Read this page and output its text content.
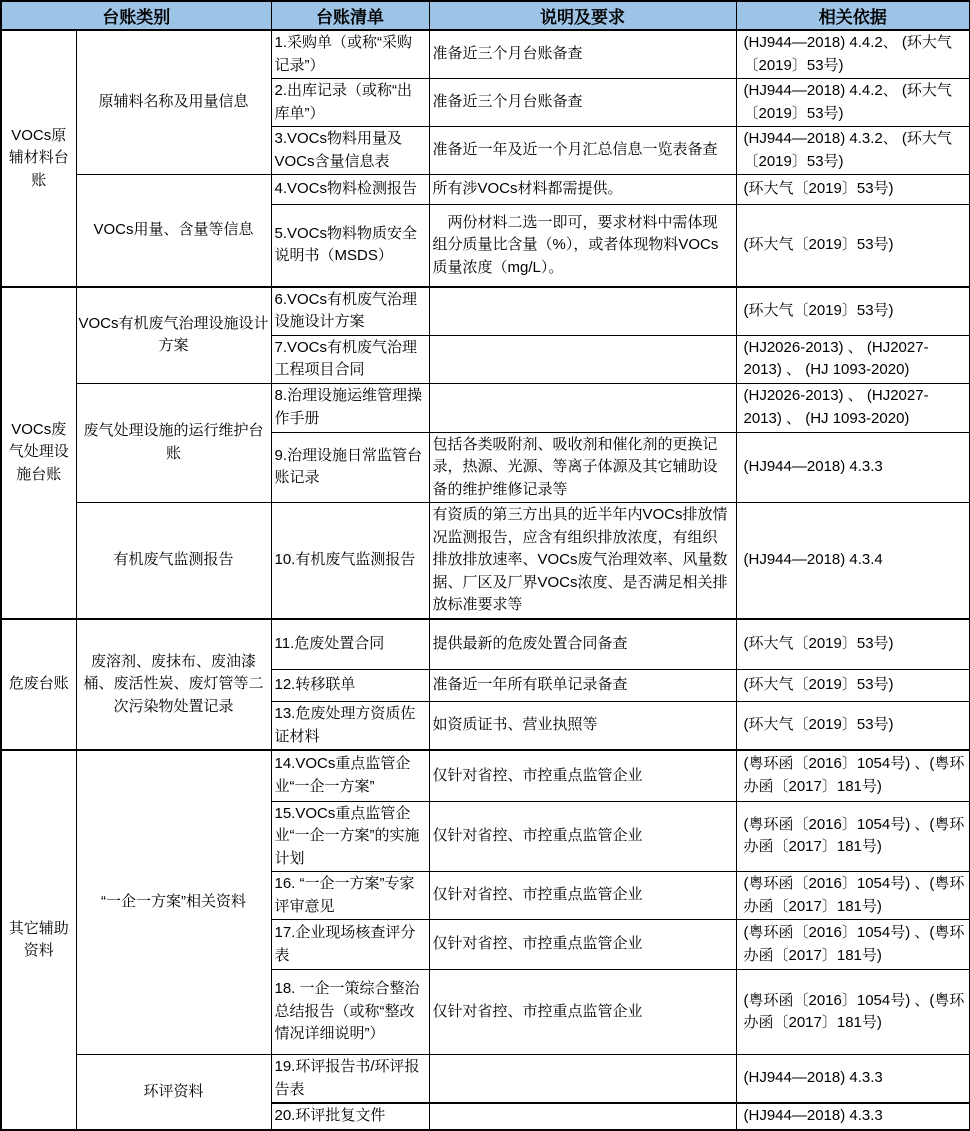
台账类别		台账清单	说明及要求	相关依据
VOCs原辅材料台账	原辅料名称及用量信息	1.采购单（或称“采购记录”）	准备近三个月台账备查	(HJ944—2018) 4.4.2、 (环大气〔2019〕53号)
		2.出库记录（或称“出库单”）	准备近三个月台账备查	(HJ944—2018) 4.4.2、 (环大气〔2019〕53号)
		3.VOCs物料用量及VOCs含量信息表	准备近一年及近一个月汇总信息一览表备查	(HJ944—2018) 4.3.2、 (环大气〔2019〕53号)
	VOCs用量、含量等信息	4.VOCs物料检测报告	所有涉VOCs材料都需提供。	(环大气〔2019〕53号)
		5.VOCs物料物质安全说明书（MSDS）	　两份材料二选一即可，要求材料中需体现组分质量比含量（%），或者体现物料VOCs质量浓度（mg/L）。	(环大气〔2019〕53号)
VOCs废气处理设施台账	VOCs有机废气治理设施设计方案	6.VOCs有机废气治理设施设计方案		(环大气〔2019〕53号)
		7.VOCs有机废气治理工程项目合同		(HJ2026-2013) 、 (HJ2027-2013) 、 (HJ 1093-2020)
	废气处理设施的运行维护台账	8.治理设施运维管理操作手册		(HJ2026-2013) 、 (HJ2027-2013) 、 (HJ 1093-2020)
		9.治理设施日常监管台账记录	包括各类吸附剂、吸收剂和催化剂的更换记录，热源、光源、等离子体源及其它辅助设备的维护维修记录等	(HJ944—2018) 4.3.3
	有机废气监测报告	10.有机废气监测报告	有资质的第三方出具的近半年内VOCs排放情况监测报告，应含有组织排放浓度，有组织排放排放速率、VOCs废气治理效率、风量数据、厂区及厂界VOCs浓度、是否满足相关排放标准要求等	(HJ944—2018) 4.3.4
危废台账	废溶剂、废抹布、废油漆桶、废活性炭、废灯管等二次污染物处置记录	11.危废处置合同	提供最新的危废处置合同备查	(环大气〔2019〕53号)
		12.转移联单	准备近一年所有联单记录备查	(环大气〔2019〕53号)
		13.危废处理方资质佐证材料	如资质证书、营业执照等	(环大气〔2019〕53号)
其它辅助资料	“一企一方案”相关资料	14.VOCs重点监管企业“一企一方案”	仅针对省控、市控重点监管企业	(粤环函〔2016〕1054号) 、(粤环办函〔2017〕181号)
		15.VOCs重点监管企业“一企一方案”的实施计划	仅针对省控、市控重点监管企业	(粤环函〔2016〕1054号) 、(粤环办函〔2017〕181号)
		16. “一企一方案”专家评审意见	仅针对省控、市控重点监管企业	(粤环函〔2016〕1054号) 、(粤环办函〔2017〕181号)
		17.企业现场核查评分表	仅针对省控、市控重点监管企业	(粤环函〔2016〕1054号) 、(粤环办函〔2017〕181号)
		18. 一企一策综合整治总结报告（或称“整改情况详细说明”）	仅针对省控、市控重点监管企业	(粤环函〔2016〕1054号) 、(粤环办函〔2017〕181号)
	环评资料	19.环评报告书/环评报告表		(HJ944—2018) 4.3.3
		20.环评批复文件		(HJ944—2018) 4.3.3
